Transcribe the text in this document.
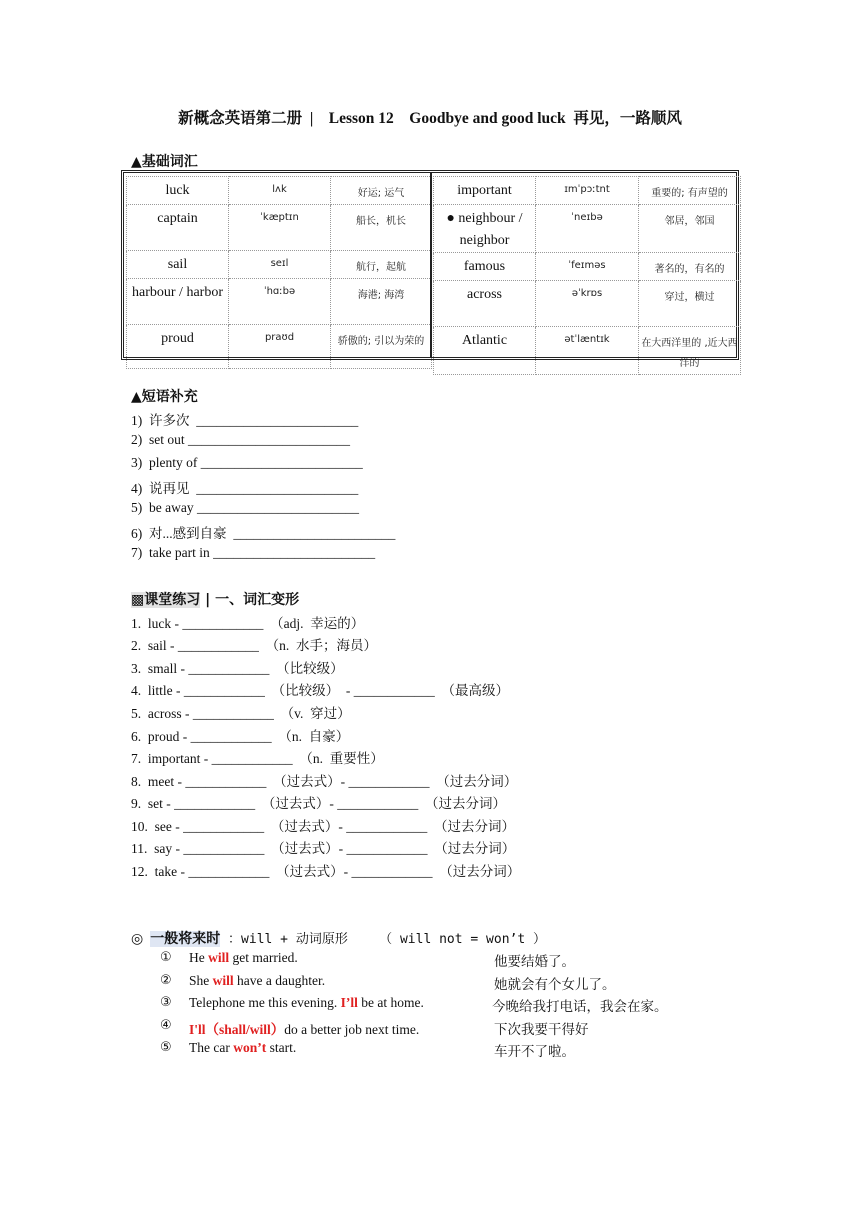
新概念英语第二册  |    Lesson 12    Goodbye and good luck  再见，一路顺风
▲基础词汇
luck	lʌk	好运; 运气
captain	ˈkæptɪn	船长，机长
sail	seɪl	航行，起航
harbour / harbor	ˈhɑːbə	海港; 海湾
proud	praʊd	骄傲的; 引以为荣的
important	ɪmˈpɔːtnt	重要的; 有声望的
● neighbour / neighbor	ˈneɪbə	邻居，邻国
famous	ˈfeɪməs	著名的，有名的
across	əˈkrɒs	穿过，横过
Atlantic	ətˈlæntɪk	在大西洋里的 ,近大西洋的
▲短语补充
1)  许多次  ________________________
2)  set out ________________________
3)  plenty of ________________________
4)  说再见  ________________________
5)  be away ________________________
6)  对...感到自豪  ________________________
7)  take part in ________________________
▩课堂练习 | 一、词汇变形
1.  luck - ____________  （adj.  幸运的）
2.  sail - ____________  （n.  水手；海员）
3.  small - ____________  （比较级）
4.  little - ____________  （比较级）  - ____________  （最高级）
5.  across - ____________  （v.  穿过）
6.  proud - ____________  （n.  自豪）
7.  important - ____________  （n.  重要性）
8.  meet - ____________  （过去式）- ____________  （过去分词）
9.  set - ____________  （过去式）- ____________  （过去分词）
10.  see - ____________  （过去式）- ____________  （过去分词）
11.  say - ____________  （过去式）- ____________  （过去分词）
12.  take - ____________  （过去式）- ____________  （过去分词）
◎ 一般将来时 ：will + 动词原形    （ will not = won’t ）
① He will get married.	他要结婚了。
② She will have a daughter.	她就会有个女儿了。
③ Telephone me this evening. I’ll be at home.	今晚给我打电话，我会在家。
④ I'll（shall/will）do a better job next time.	下次我要干得好
⑤ The car won’t start.	车开不了啦。
